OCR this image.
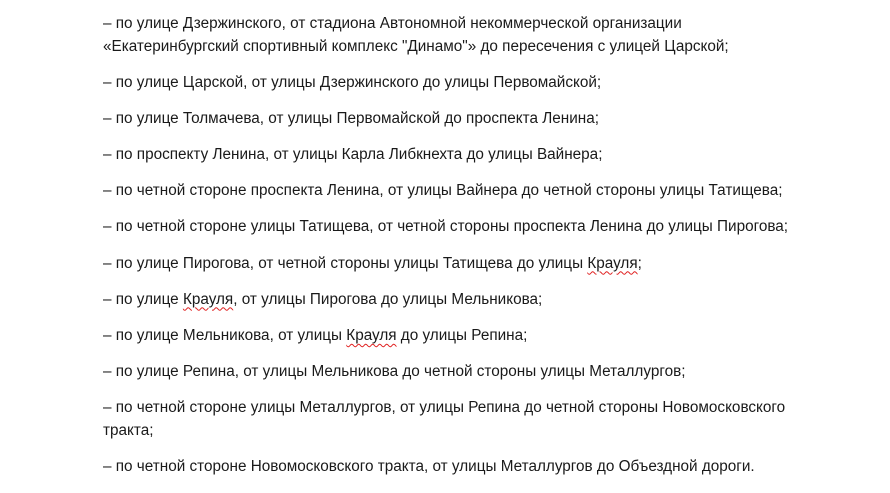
– по улице Дзержинского, от стадиона Автономной некоммерческой организации
«Екатеринбургский спортивный комплекс "Динамо"» до пересечения с улицей Царской;

– по улице Царской, от улицы Дзержинского до улицы Первомайской;

– по улице Толмачева, от улицы Первомайской до проспекта Ленина;

– по проспекту Ленина, от улицы Карла Либкнехта до улицы Вайнера;

– по четной стороне проспекта Ленина, от улицы Вайнера до четной стороны улицы Татищева;

– по четной стороне улицы Татищева, от четной стороны проспекта Ленина до улицы Пирогова;

– по улице Пирогова, от четной стороны улицы Татищева до улицы Крауля;

– по улице Крауля, от улицы Пирогова до улицы Мельникова;

– по улице Мельникова, от улицы Крауля до улицы Репина;

– по улице Репина, от улицы Мельникова до четной стороны улицы Металлургов;

– по четной стороне улицы Металлургов, от улицы Репина до четной стороны Новомосковского
тракта;

– по четной стороне Новомосковского тракта, от улицы Металлургов до Объездной дороги.
